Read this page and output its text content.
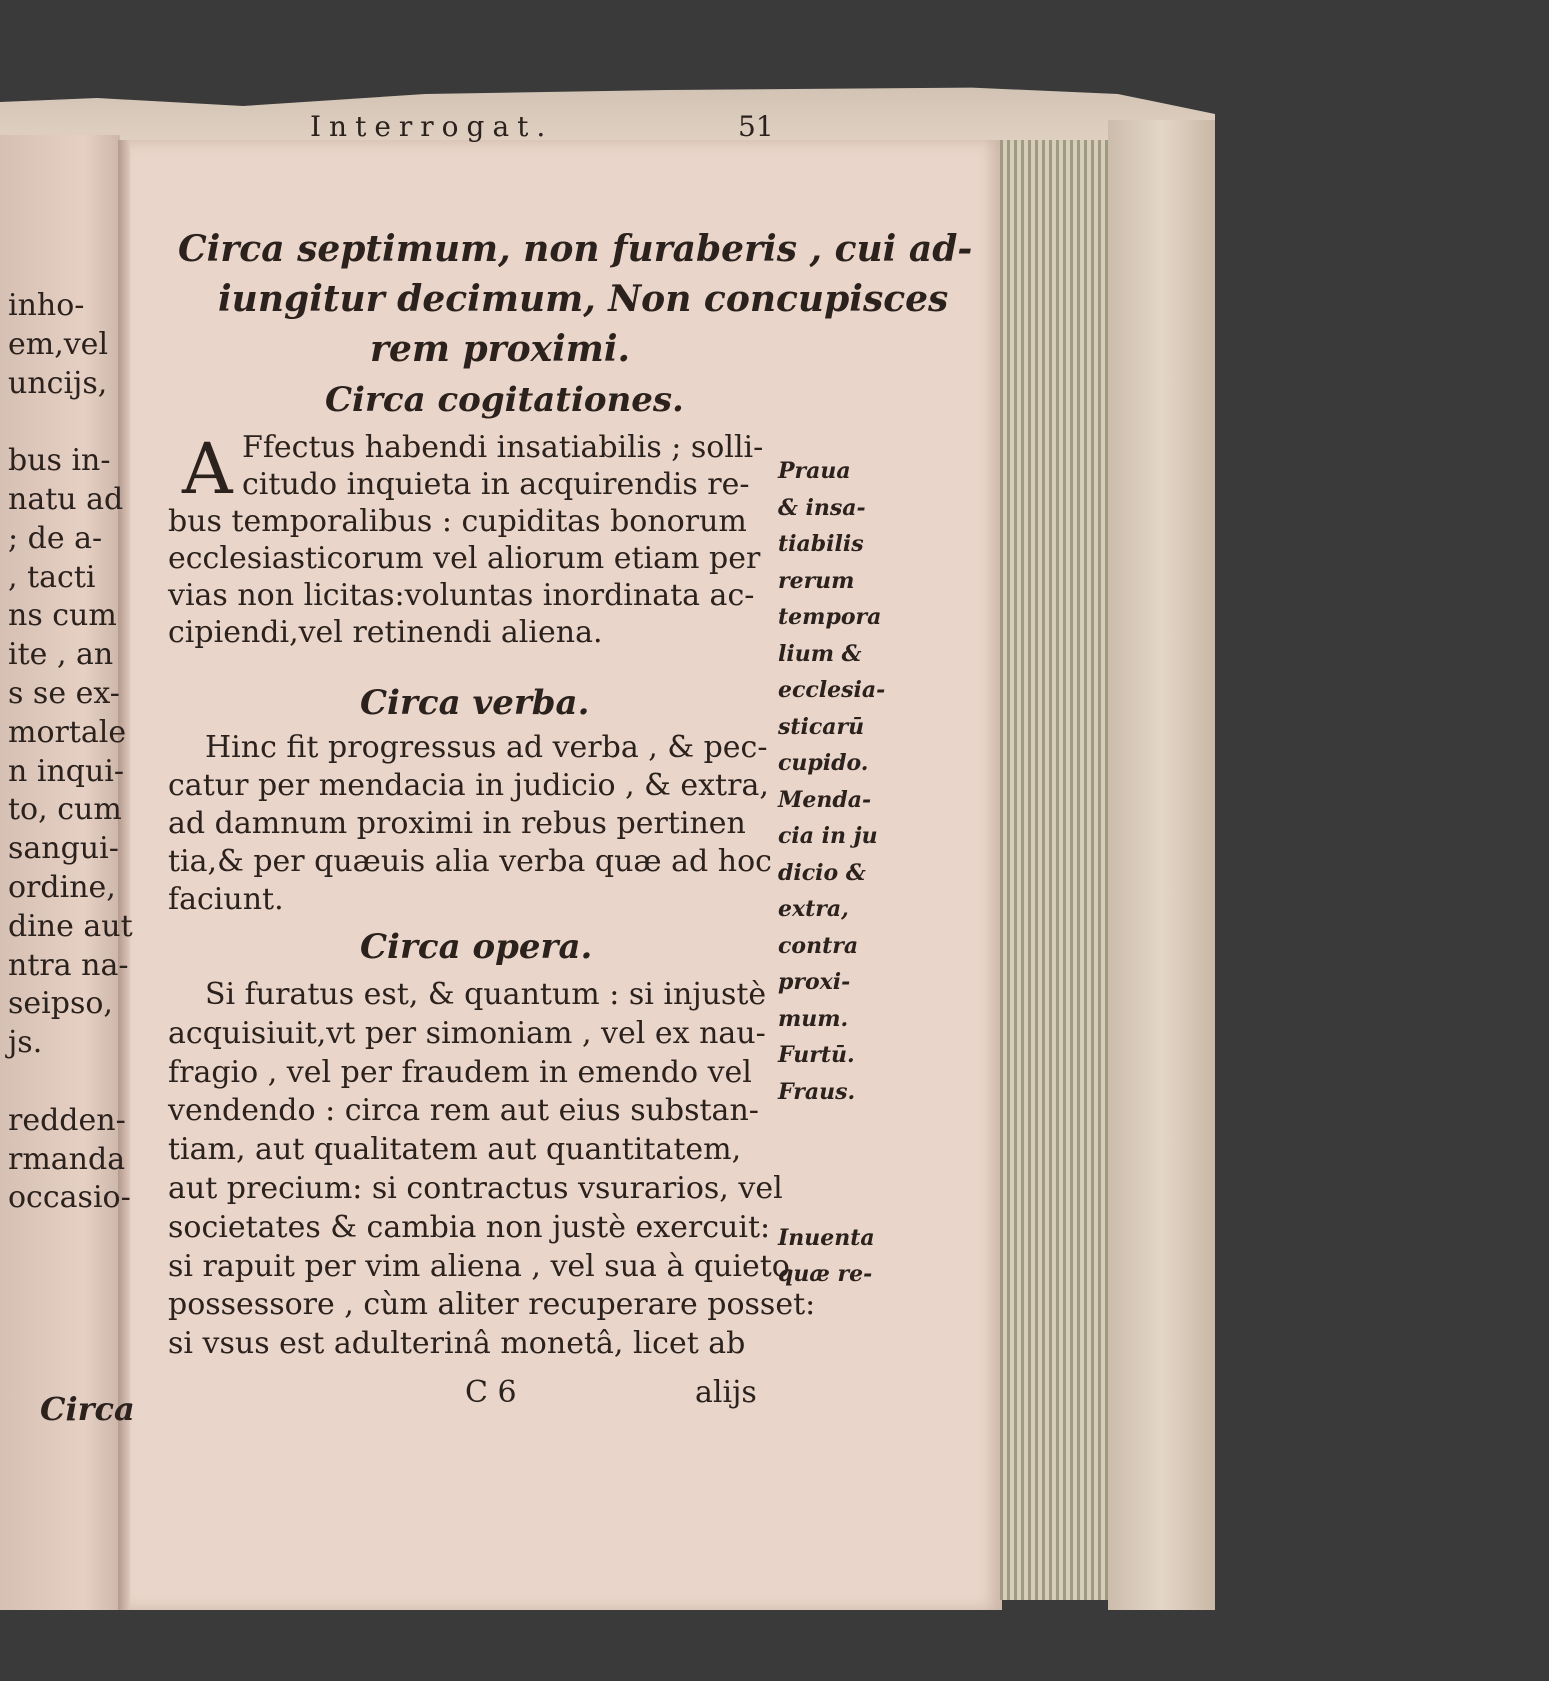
inho-
em,vel
uncijs,
bus in-
natu ad
; de a-
, tacti
ns cum
ite , an
s se ex-
mortale
n inqui-
to, cum
sangui-
ordine,
dine aut
ntra na-
seipso,
js.
redden-
rmanda
occasio-
Circa
Interrogat.	51
Circa septimum, non furaberis , cui ad-
iungitur decimum, Non concupisces
rem proximi.
Circa cogitationes.
A Ffectus habendi insatiabilis ; solli-
citudo inquieta in acquirendis re-
bus temporalibus : cupiditas bonorum
ecclesiasticorum vel aliorum etiam per
vias non licitas:voluntas inordinata ac-
cipiendi,vel retinendi aliena.
Circa verba.
Hinc fit progressus ad verba , & pec-
catur per mendacia in judicio , & extra,
ad damnum proximi in rebus pertinen
tia,& per quæuis alia verba quæ ad hoc
faciunt.
Circa opera.
Si furatus est, & quantum : si injustè
acquisiuit,vt per simoniam , vel ex nau-
fragio , vel per fraudem in emendo vel
vendendo : circa rem aut eius substan-
tiam, aut qualitatem aut quantitatem,
aut precium: si contractus vsurarios, vel
societates & cambia non justè exercuit:
si rapuit per vim aliena , vel sua à quieto
possessore , cùm aliter recuperare posset:
si vsus est adulterinâ monetâ, licet ab
C 6	alijs
Praua
& insa-
tiabilis
rerum
tempora
lium &
ecclesia-
sticarū
cupido.
Menda-
cia in ju
dicio &
extra,
contra
proxi-
mum.
Furtū.
Fraus.
Inuenta
quæ re-
